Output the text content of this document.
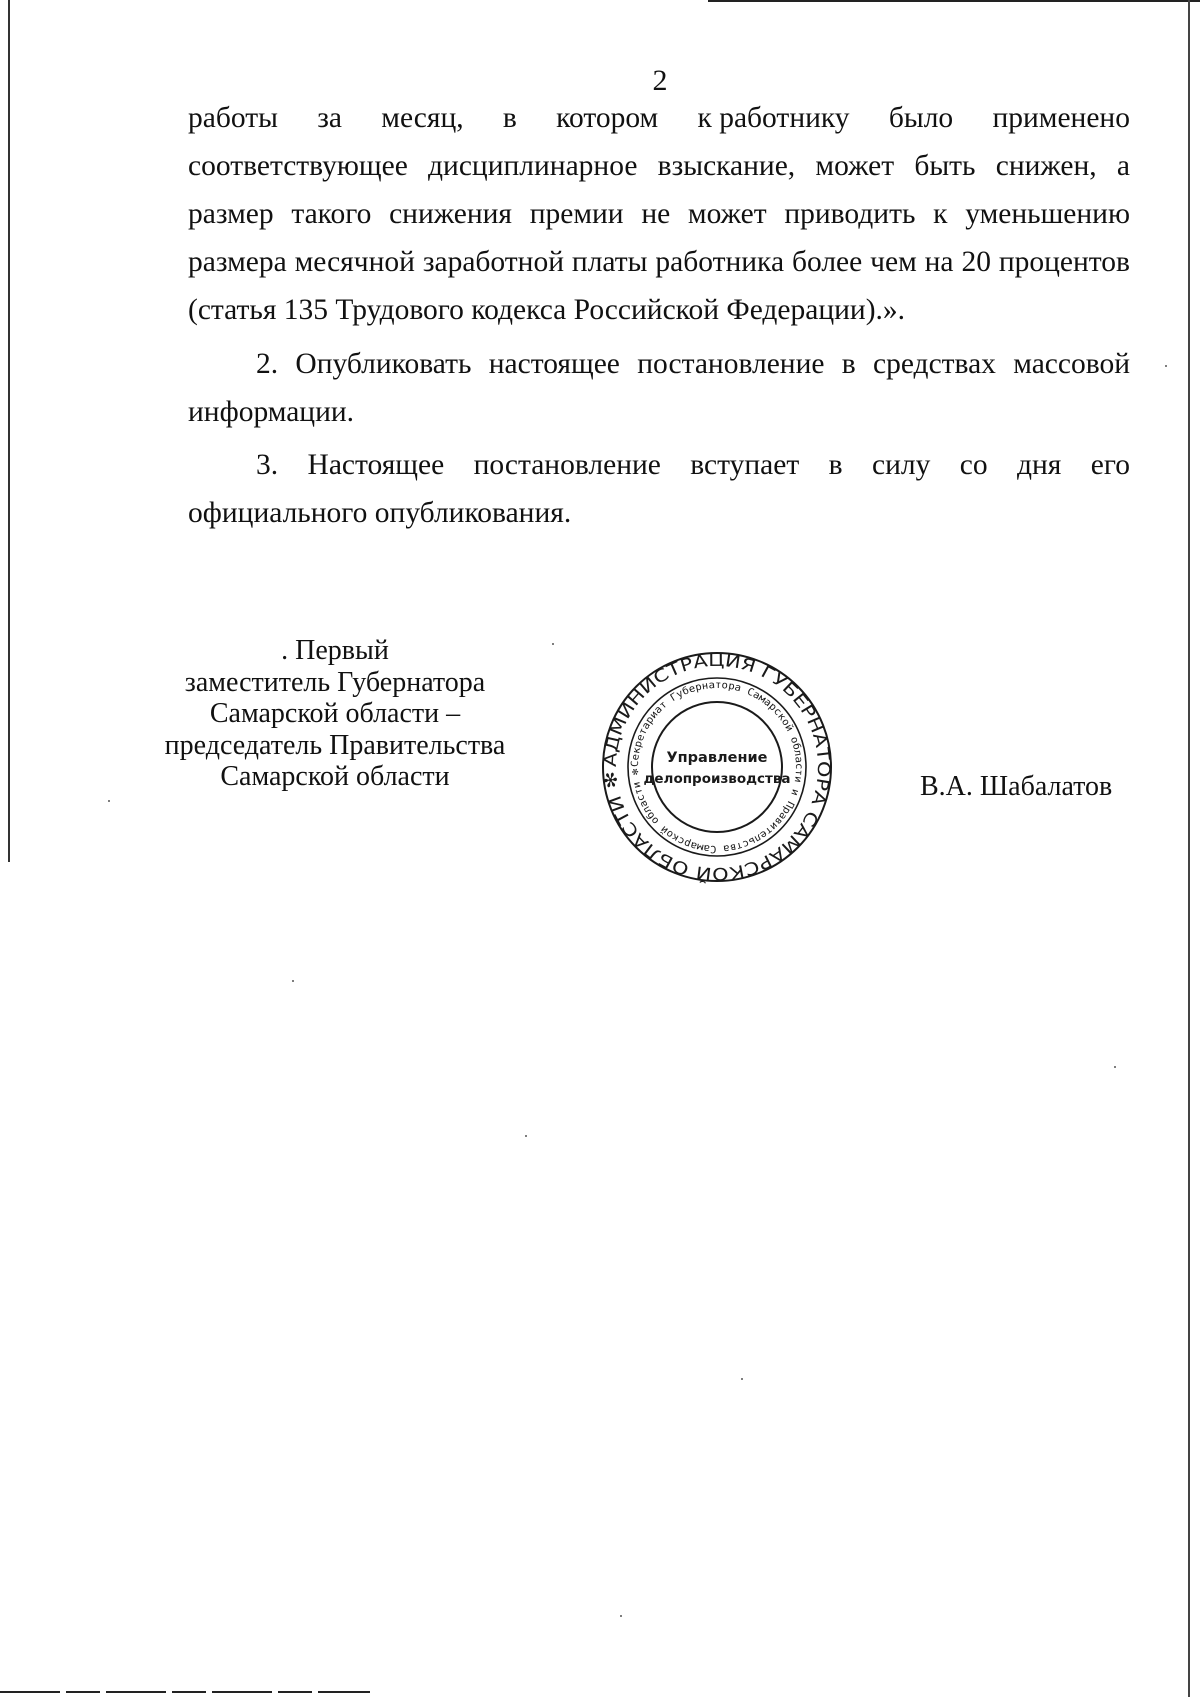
2
работы за месяц, в котором к работнику было применено
соответствующее дисциплинарное взыскание, может быть снижен, а размер такого снижения премии не может приводить к уменьшению размера месячной заработной платы работника более чем на 20 процентов (статья 135 Трудового кодекса Российской Федерации).».

2. Опубликовать настоящее постановление в средствах массовой информации.

3. Настоящее постановление вступает в силу со дня его официального опубликования.

. Первый
заместитель Губернатора
Самарской области –
председатель Правительства
Самарской области
АДМИНИСТРАЦИЯ ГУБЕРНАТОРА САМАРСКОЙ ОБЛАСТИ ✻
Секретариат Губернатора Самарской области и Правительства Самарской области ✻
Управление
делопроизводства	В.А. Шабалатов
